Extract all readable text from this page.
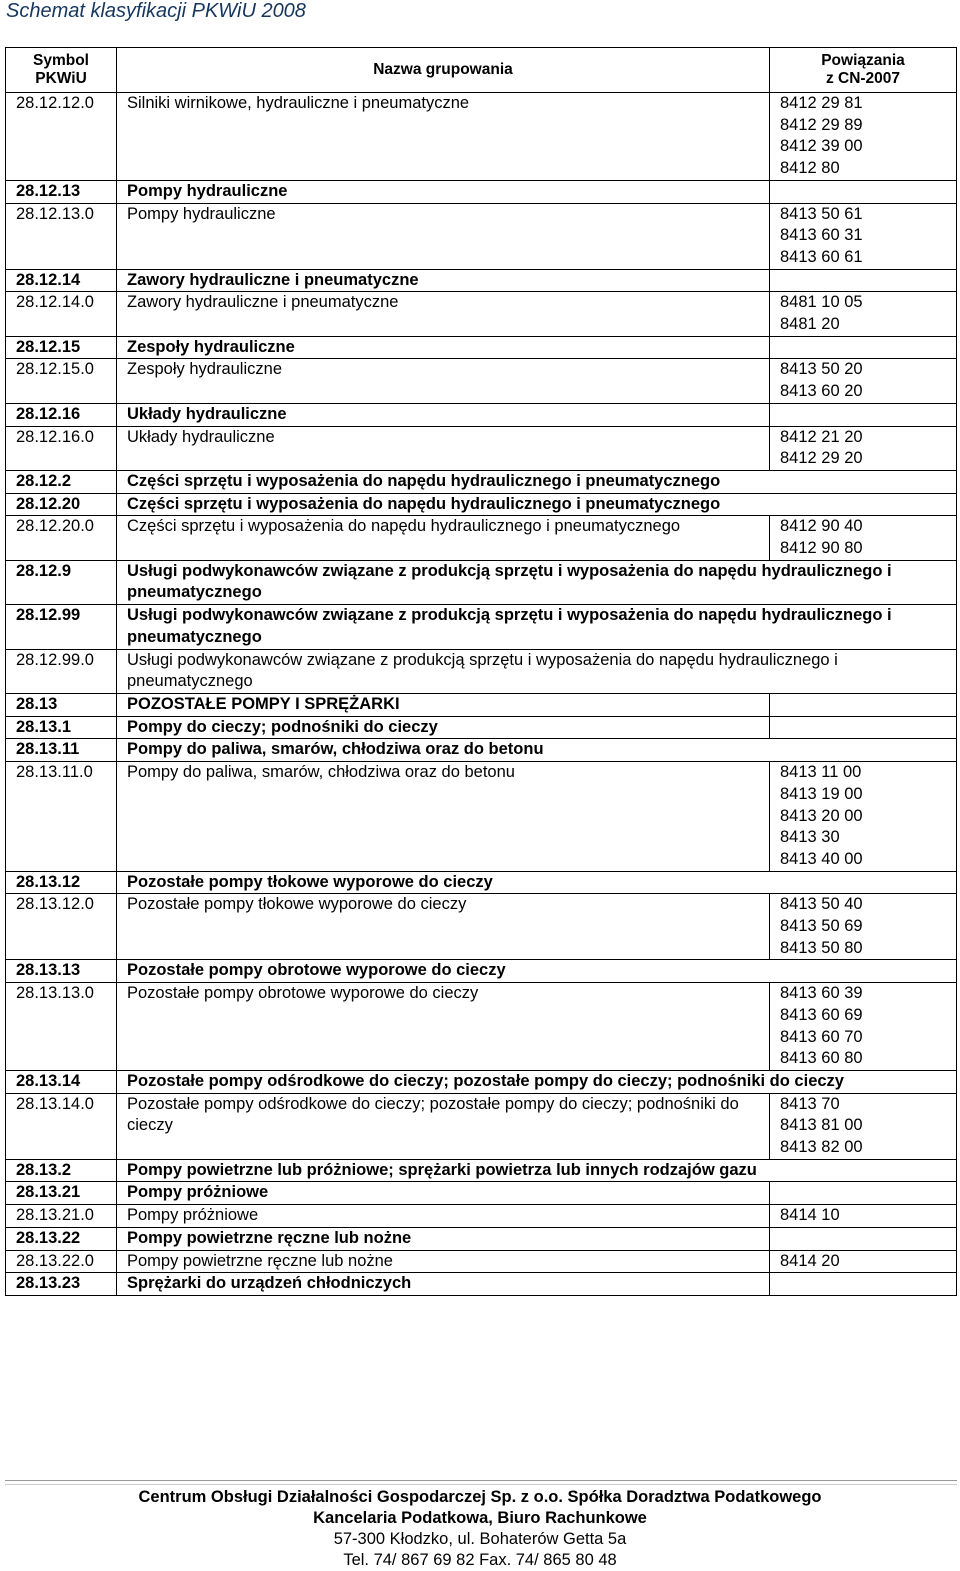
Schemat klasyfikacji PKWiU 2008
Symbol
PKWiU	Nazwa grupowania	Powiązania
z CN-2007
28.12.12.0	Silniki wirnikowe, hydrauliczne i pneumatyczne	8412 29 81
8412 29 89
8412 39 00
8412 80
28.12.13	Pompy hydrauliczne	
28.12.13.0	Pompy hydrauliczne	8413 50 61
8413 60 31
8413 60 61
28.12.14	Zawory hydrauliczne i pneumatyczne	
28.12.14.0	Zawory hydrauliczne i pneumatyczne	8481 10 05
8481 20
28.12.15	Zespoły hydrauliczne	
28.12.15.0	Zespoły hydrauliczne	8413 50 20
8413 60 20
28.12.16	Układy hydrauliczne	
28.12.16.0	Układy hydrauliczne	8412 21 20
8412 29 20
28.12.2	Części sprzętu i wyposażenia do napędu hydraulicznego i pneumatycznego	
28.12.20	Części sprzętu i wyposażenia do napędu hydraulicznego i pneumatycznego	
28.12.20.0	Części sprzętu i wyposażenia do napędu hydraulicznego i pneumatycznego	8412 90 40
8412 90 80
28.12.9	Usługi podwykonawców związane z produkcją sprzętu i wyposażenia do napędu hydraulicznego i pneumatycznego	
28.12.99	Usługi podwykonawców związane z produkcją sprzętu i wyposażenia do napędu hydraulicznego i pneumatycznego	
28.12.99.0	Usługi podwykonawców związane z produkcją sprzętu i wyposażenia do napędu hydraulicznego i pneumatycznego	
28.13	POZOSTAŁE POMPY I SPRĘŻARKI	
28.13.1	Pompy do cieczy; podnośniki do cieczy	
28.13.11	Pompy do paliwa, smarów, chłodziwa oraz do betonu	
28.13.11.0	Pompy do paliwa, smarów, chłodziwa oraz do betonu	8413 11 00
8413 19 00
8413 20 00
8413 30
8413 40 00
28.13.12	Pozostałe pompy tłokowe wyporowe do cieczy	
28.13.12.0	Pozostałe pompy tłokowe wyporowe do cieczy	8413 50 40
8413 50 69
8413 50 80
28.13.13	Pozostałe pompy obrotowe wyporowe do cieczy	
28.13.13.0	Pozostałe pompy obrotowe wyporowe do cieczy	8413 60 39
8413 60 69
8413 60 70
8413 60 80
28.13.14	Pozostałe pompy odśrodkowe do cieczy; pozostałe pompy do cieczy; podnośniki do cieczy	
28.13.14.0	Pozostałe pompy odśrodkowe do cieczy; pozostałe pompy do cieczy; podnośniki do cieczy	8413 70
8413 81 00
8413 82 00
28.13.2	Pompy powietrzne lub próżniowe; sprężarki powietrza lub innych rodzajów gazu	
28.13.21	Pompy próżniowe	
28.13.21.0	Pompy próżniowe	8414 10
28.13.22	Pompy powietrzne ręczne lub nożne	
28.13.22.0	Pompy powietrzne ręczne lub nożne	8414 20
28.13.23	Sprężarki do urządzeń chłodniczych	
Centrum Obsługi Działalności Gospodarczej Sp. z o.o. Spółka Doradztwa Podatkowego
Kancelaria Podatkowa, Biuro Rachunkowe
57-300 Kłodzko, ul. Bohaterów Getta 5a
Tel. 74/ 867 69 82 Fax. 74/ 865 80 48
